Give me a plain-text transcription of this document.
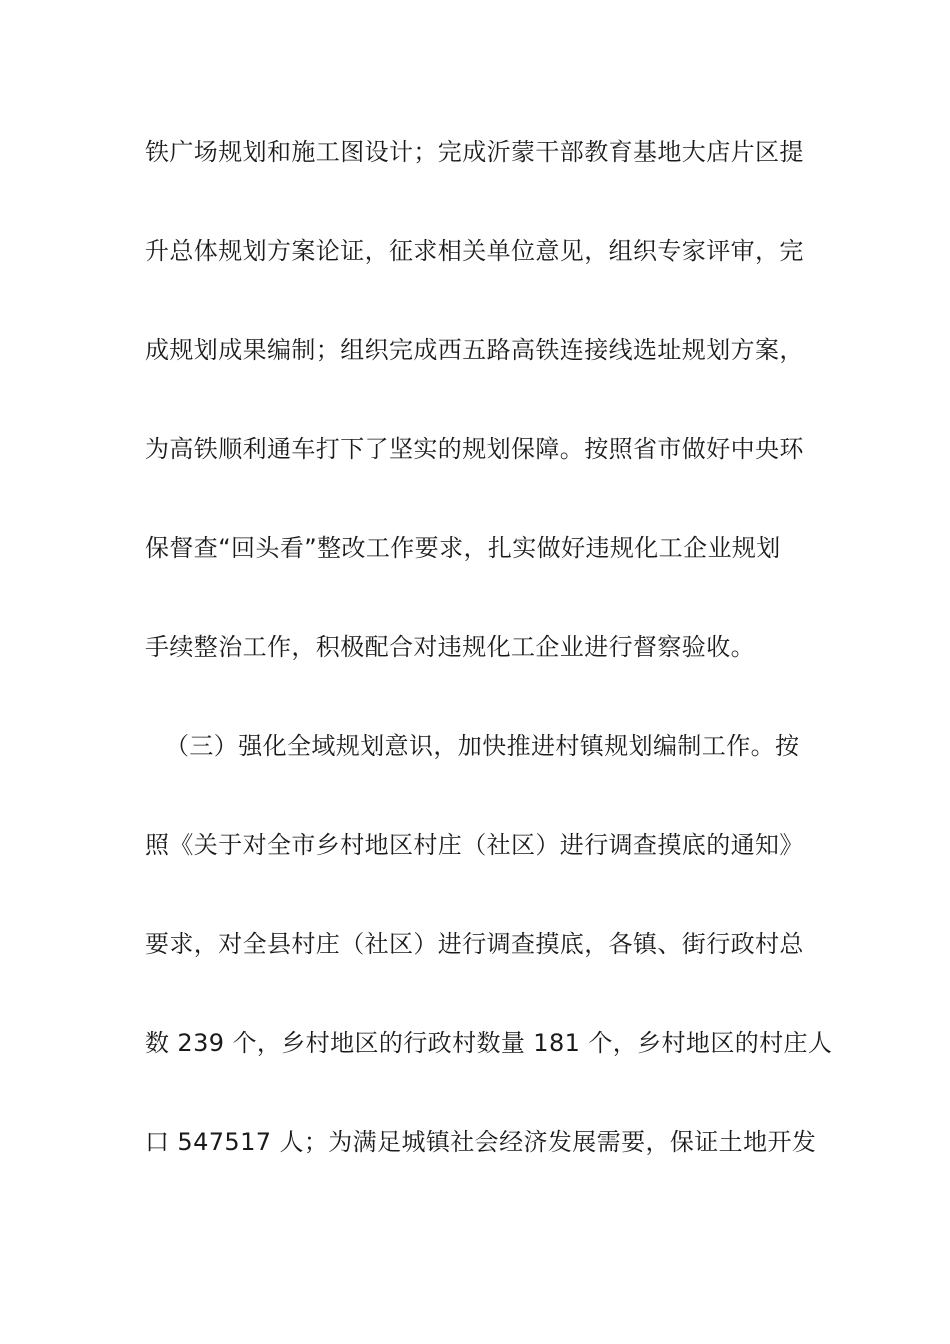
铁广场规划和施工图设计；完成沂蒙干部教育基地大店片区提
升总体规划方案论证，征求相关单位意见，组织专家评审，完
成规划成果编制；组织完成西五路高铁连接线选址规划方案，
为高铁顺利通车打下了坚实的规划保障。按照省市做好中央环
保督查“回头看”整改工作要求，扎实做好违规化工企业规划
手续整治工作，积极配合对违规化工企业进行督察验收。
（三）强化全域规划意识，加快推进村镇规划编制工作。按
照《关于对全市乡村地区村庄（社区）进行调查摸底的通知》
要求，对全县村庄（社区）进行调查摸底，各镇、街行政村总
数 239 个，乡村地区的行政村数量 181 个，乡村地区的村庄人
口 547517 人；为满足城镇社会经济发展需要，保证土地开发
